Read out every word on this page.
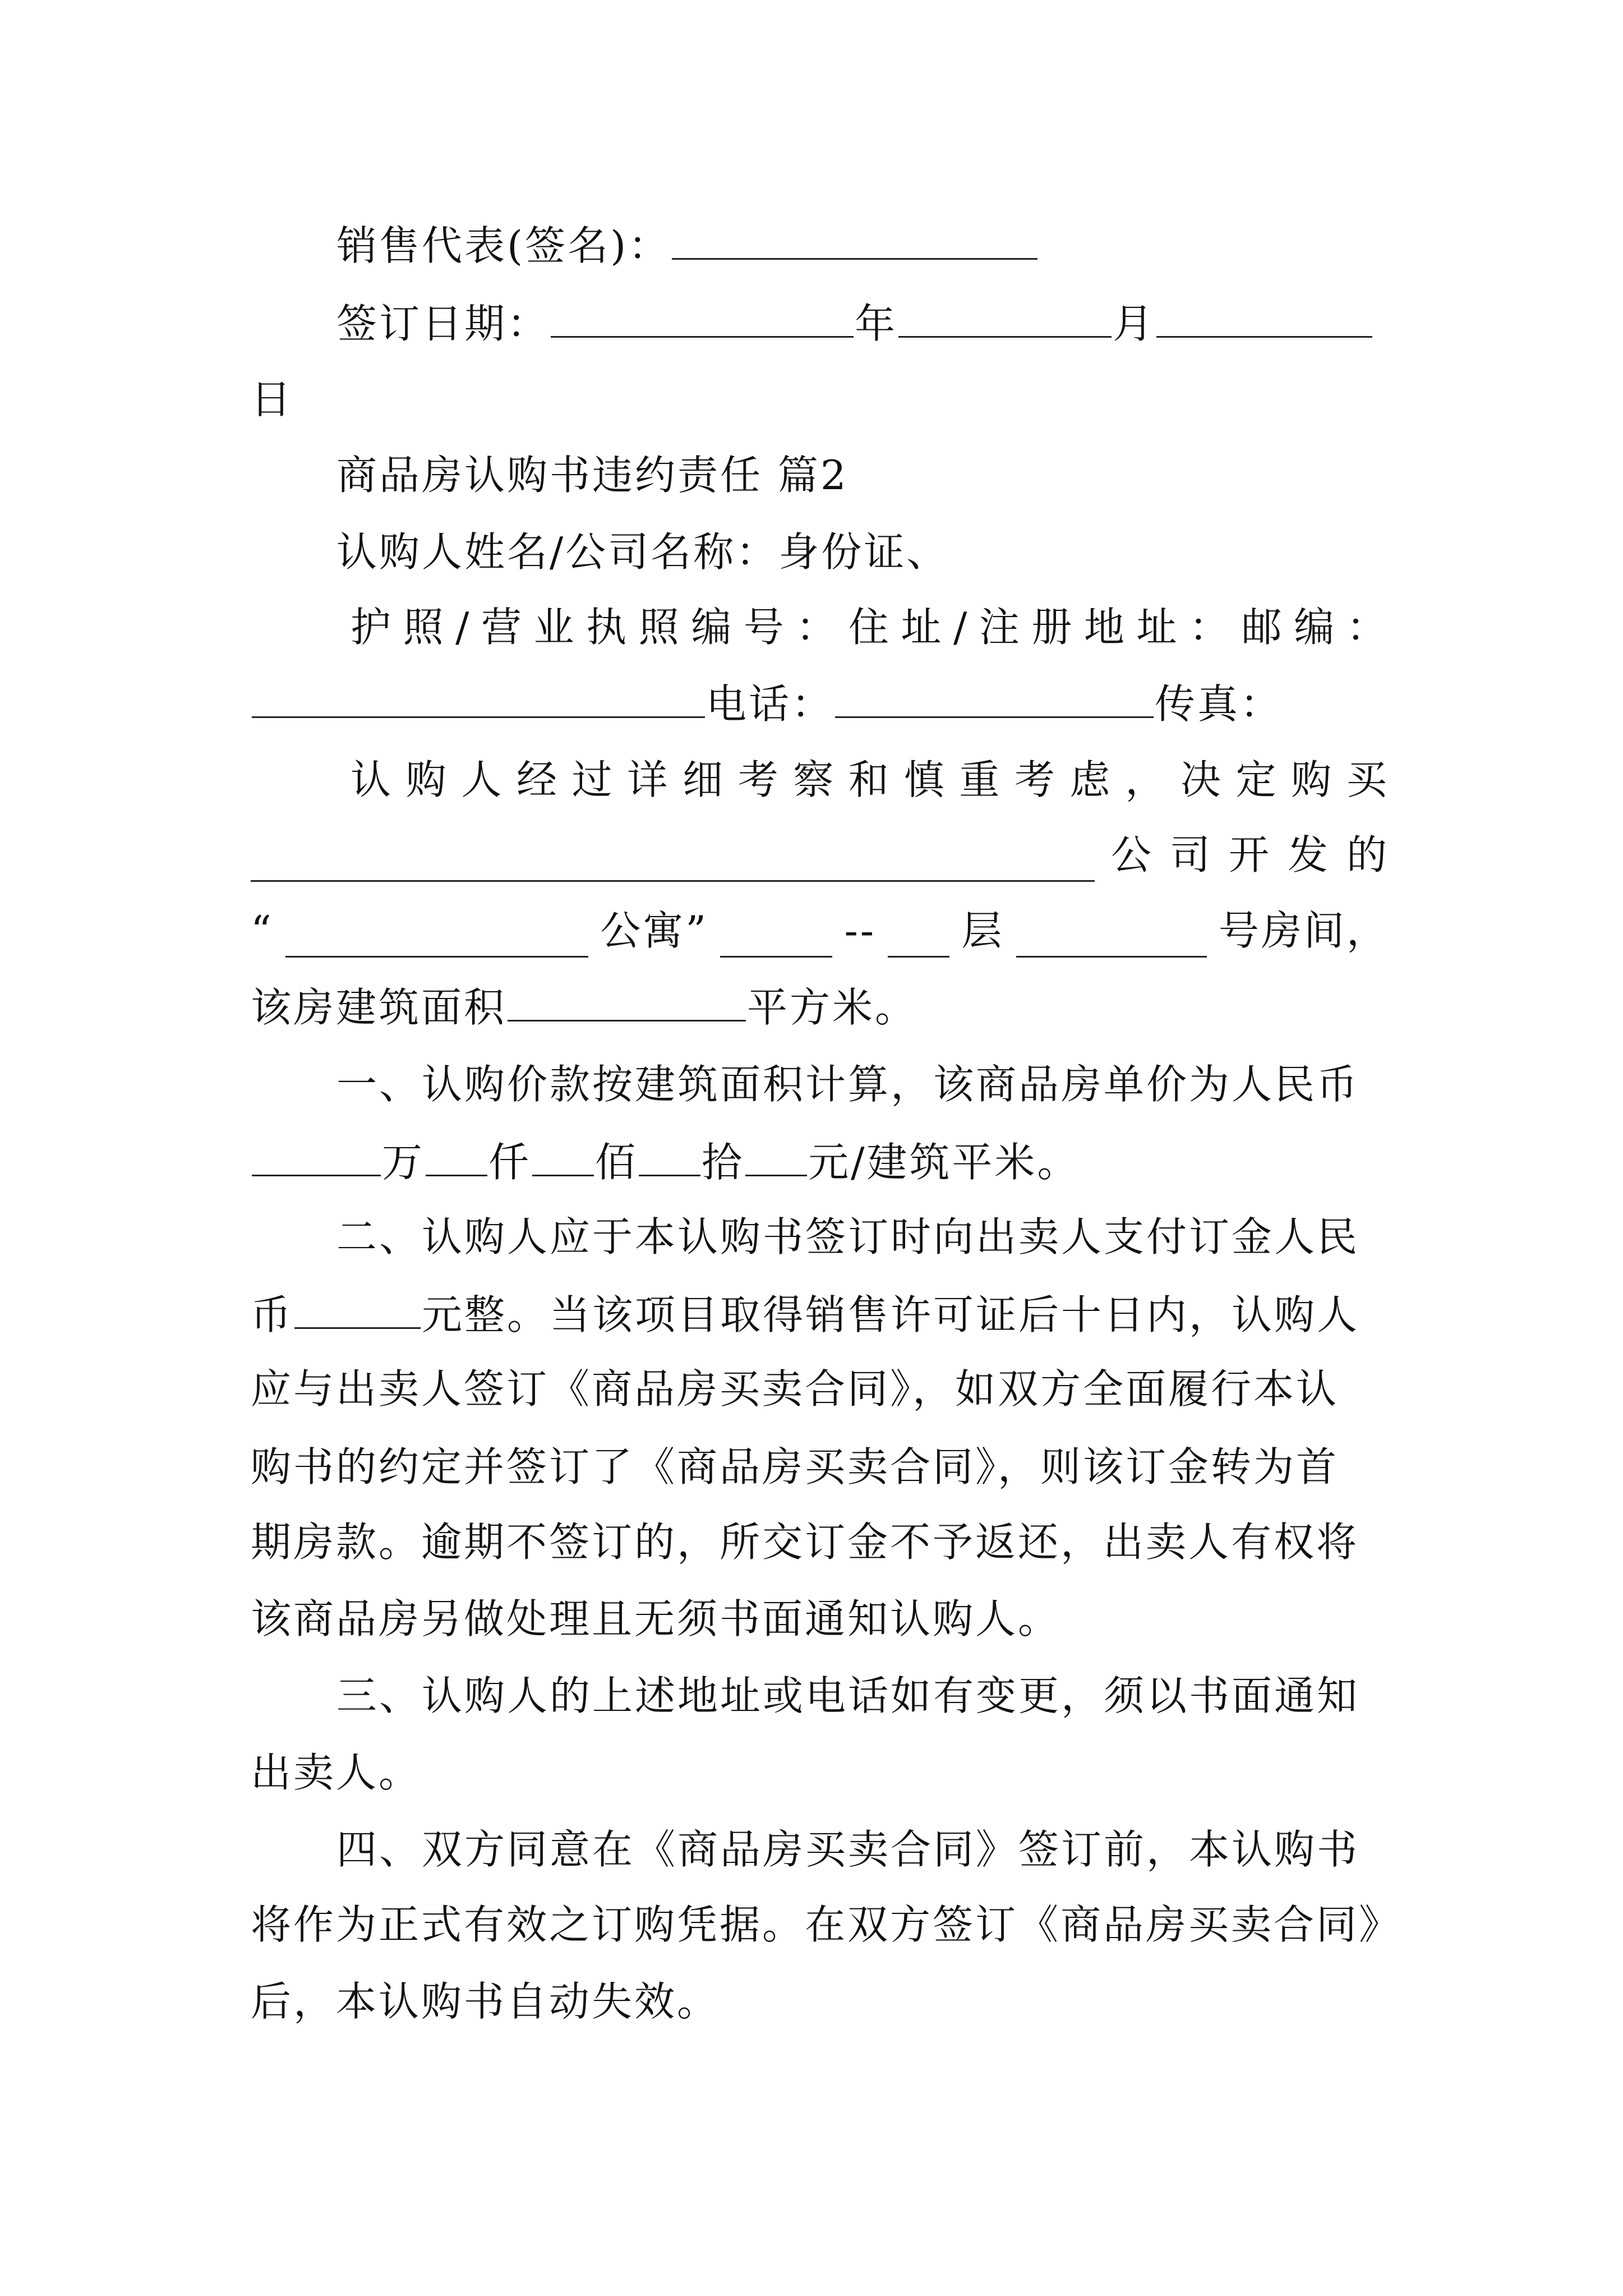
销售代表(签名)：
签订日期：	年	月
日
商品房认购书违约责任 篇2
认购人姓名/公司名称：身份证、
护 照 / 营 业 执 照 编 号 ： 住 址 / 注 册 地 址 ： 邮 编 ：
电话：	传真：
认 购 人 经 过 详 细 考 察 和 慎 重 考 虑 ， 决 定 购 买
公 司 开 发 的
“	公寓”	-- 层	号房间，
该房建筑面积	平方米。
一、认购价款按建筑面积计算，该商品房单价为人民币
万 仟 佰 拾 元/建筑平米。
二、认购人应于本认购书签订时向出卖人支付订金人民
币	元整。当该项目取得销售许可证后十日内，认购人
应与出卖人签订《商品房买卖合同》，如双方全面履行本认
购书的约定并签订了《商品房买卖合同》，则该订金转为首
期房款。逾期不签订的，所交订金不予返还，出卖人有权将
该商品房另做处理且无须书面通知认购人。
三、认购人的上述地址或电话如有变更，须以书面通知
出卖人。
四、双方同意在《商品房买卖合同》签订前，本认购书
将作为正式有效之订购凭据。在双方签订《商品房买卖合同》
后，本认购书自动失效。
